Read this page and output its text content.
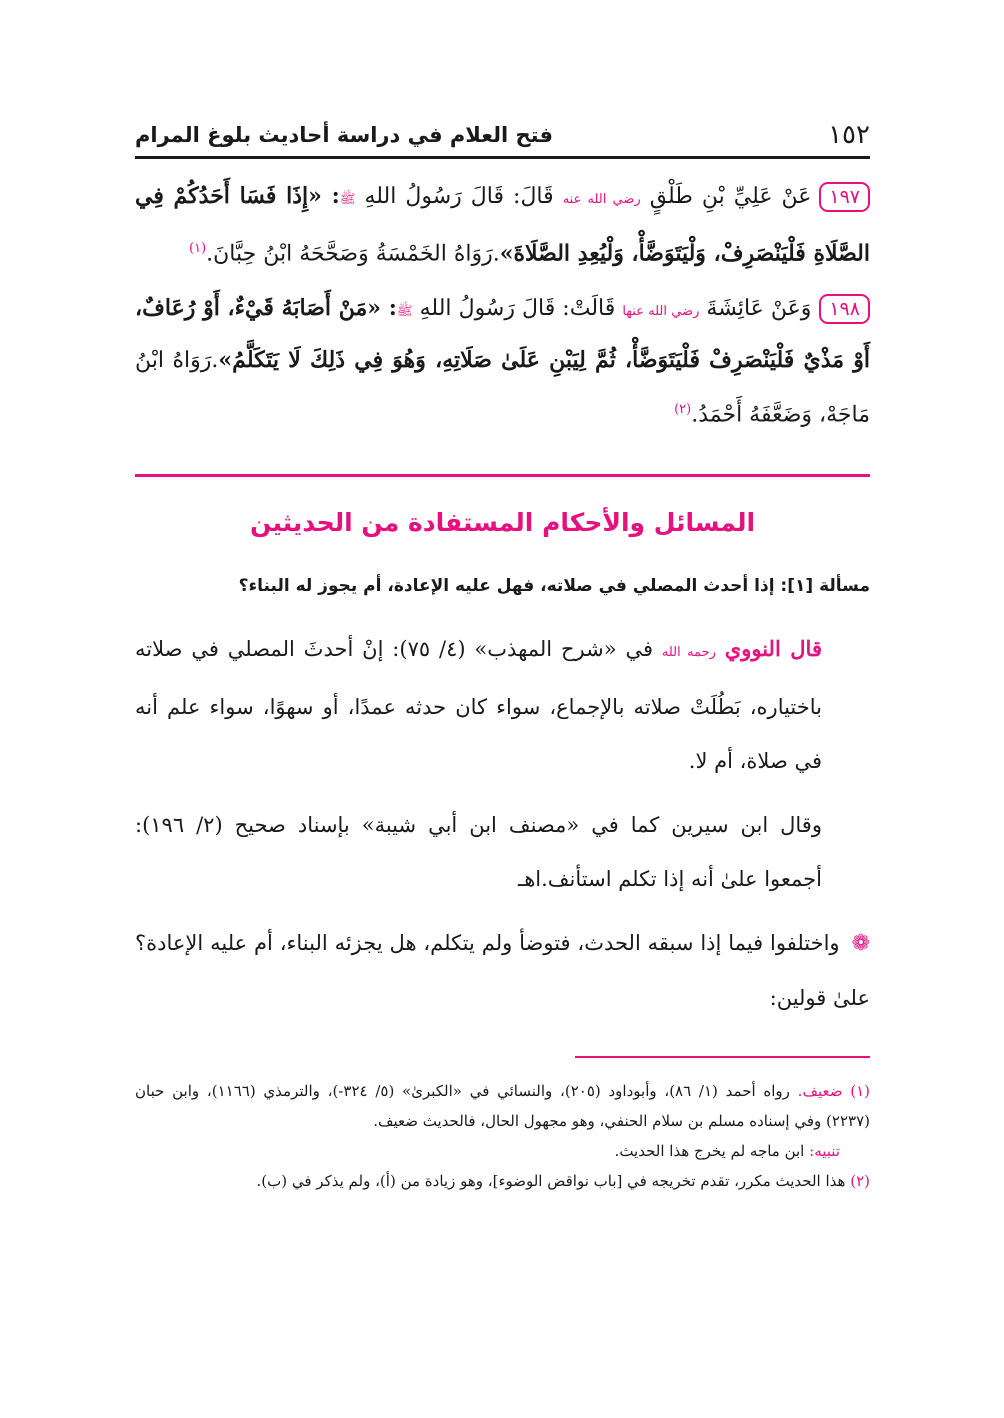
١٥٢
فتح العلام في دراسة أحاديث بلوغ المرام

١٩٧عَنْ عَلِيِّ بْنِ طَلْقٍ رضي الله عنه قَالَ: قَالَ رَسُولُ اللهِ ﷺ: «إِذَا فَسَا أَحَدُكُمْ فِي الصَّلَاةِ فَلْيَنْصَرِفْ، وَلْيَتَوَضَّأْ، وَلْيُعِدِ الصَّلَاةَ».رَوَاهُ الخَمْسَةُ وَصَحَّحَهُ ابْنُ حِبَّانَ.$^{(١)}$

١٩٨وَعَنْ عَائِشَةَ رضي الله عنها قَالَتْ: قَالَ رَسُولُ اللهِ ﷺ: «مَنْ أَصَابَهُ قَيْءٌ، أَوْ رُعَافٌ، أَوْ مَذْيٌ فَلْيَنْصَرِفْ فَلْيَتَوَضَّأْ، ثُمَّ لِيَبْنِ عَلَىٰ صَلَاتِهِ، وَهُوَ فِي ذَلِكَ لَا يَتَكَلَّمُ».رَوَاهُ ابْنُ مَاجَهْ، وَضَعَّفَهُ أَحْمَدُ.$^{(٢)}$

المسائل والأحكام المستفادة من الحديثين
مسألة [١]: إذا أحدث المصلي في صلاته، فهل عليه الإعادة، أم يجوز له البناء؟

قال النووي رحمه الله في «شرح المهذب» (٤/ ٧٥): إنْ أحدثَ المصلي في صلاته باختياره، بَطُلَتْ صلاته بالإجماع، سواء كان حدثه عمدًا، أو سهوًا، سواء علم أنه في صلاة، أم لا.

وقال ابن سيرين كما في «مصنف ابن أبي شيبة» بإسناد صحيح (٢/ ١٩٦): أجمعوا علىٰ أنه إذا تكلم استأنف.اهـ

❁واختلفوا فيما إذا سبقه الحدث، فتوضأ ولم يتكلم، هل يجزئه البناء، أم عليه الإعادة؟ علىٰ قولين:

(١) ضعيف. رواه أحمد (١/ ٨٦)، وأبوداود (٢٠٥)، والنسائي في «الكبرىٰ» (٥/ ٣٢٤-)، والترمذي (١١٦٦)، وابن حبان (٢٢٣٧) وفي إسناده مسلم بن سلام الحنفي، وهو مجهول الحال، فالحديث ضعيف.

تنبيه: ابن ماجه لم يخرج هذا الحديث.

(٢) هذا الحديث مكرر، تقدم تخريجه في [باب نواقض الوضوء]، وهو زيادة من (أ)، ولم يذكر في (ب).
